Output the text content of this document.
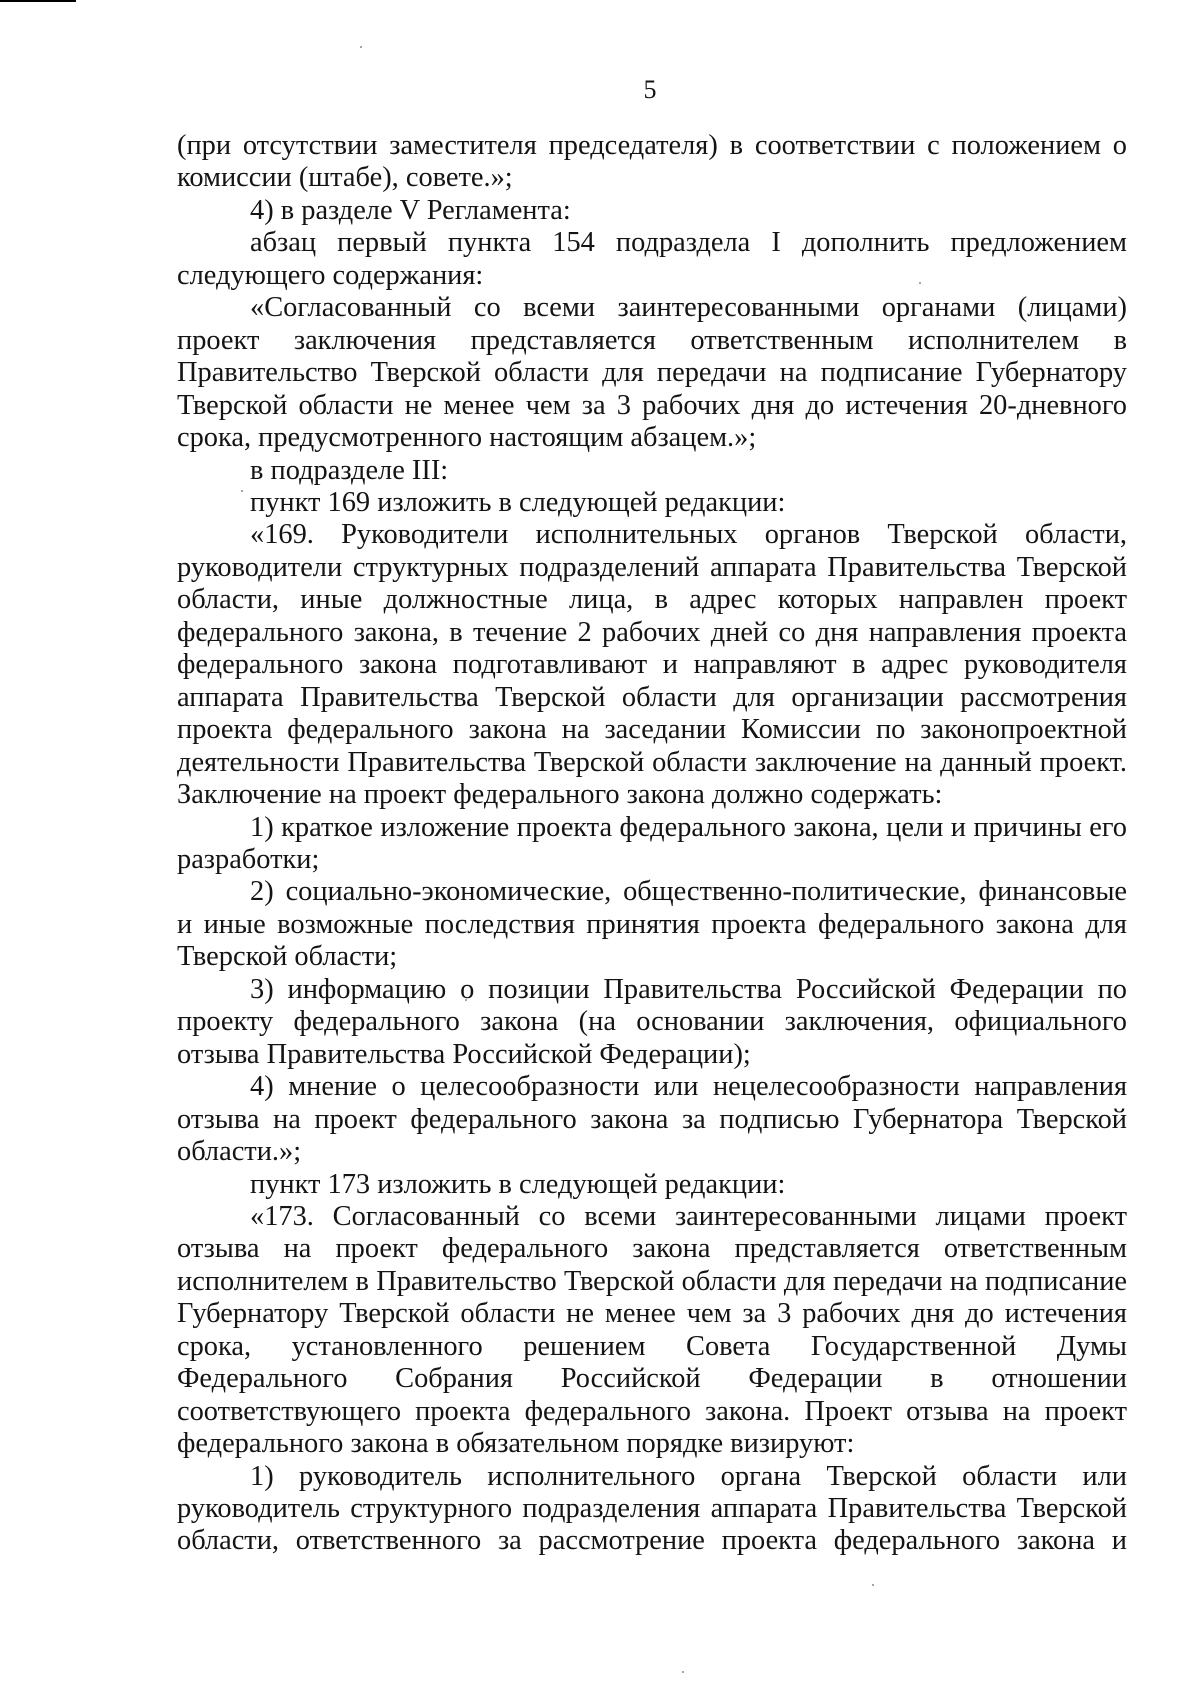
5

(при отсутствии заместителя председателя) в соответствии с положением о комиссии (штабе), совете.»;

4) в разделе V Регламента:

абзац первый пункта 154 подраздела I дополнить предложением следующего содержания:

«Согласованный со всеми заинтересованными органами (лицами) проект заключения представляется ответственным исполнителем в Правительство Тверской области для передачи на подписание Губернатору Тверской области не менее чем за 3 рабочих дня до истечения 20-дневного срока, предусмотренного настоящим абзацем.»;

в подразделе III:

пункт 169 изложить в следующей редакции:

«169. Руководители исполнительных органов Тверской области, руководители структурных подразделений аппарата Правительства Тверской области, иные должностные лица, в адрес которых направлен проект федерального закона, в течение 2 рабочих дней со дня направления проекта федерального закона подготавливают и направляют в адрес руководителя аппарата Правительства Тверской области для организации рассмотрения проекта федерального закона на заседании Комиссии по законопроектной деятельности Правительства Тверской области заключение на данный проект. Заключение на проект федерального закона должно содержать:

1) краткое изложение проекта федерального закона, цели и причины его разработки;

2) социально-экономические, общественно-политические, финансовые и иные возможные последствия принятия проекта федерального закона для Тверской области;

3) информацию о позиции Правительства Российской Федерации по проекту федерального закона (на основании заключения, официального отзыва Правительства Российской Федерации);

4) мнение о целесообразности или нецелесообразности направления отзыва на проект федерального закона за подписью Губернатора Тверской области.»;

пункт 173 изложить в следующей редакции:

«173. Согласованный со всеми заинтересованными лицами проект отзыва на проект федерального закона представляется ответственным исполнителем в Правительство Тверской области для передачи на подписание Губернатору Тверской области не менее чем за 3 рабочих дня до истечения срока, установленного решением Совета Государственной Думы Федерального Собрания Российской Федерации в отношении соответствующего проекта федерального закона. Проект отзыва на проект федерального закона в обязательном порядке визируют:

1) руководитель исполнительного органа Тверской области или руководитель структурного подразделения аппарата Правительства Тверской области, ответственного за рассмотрение проекта федерального закона и
